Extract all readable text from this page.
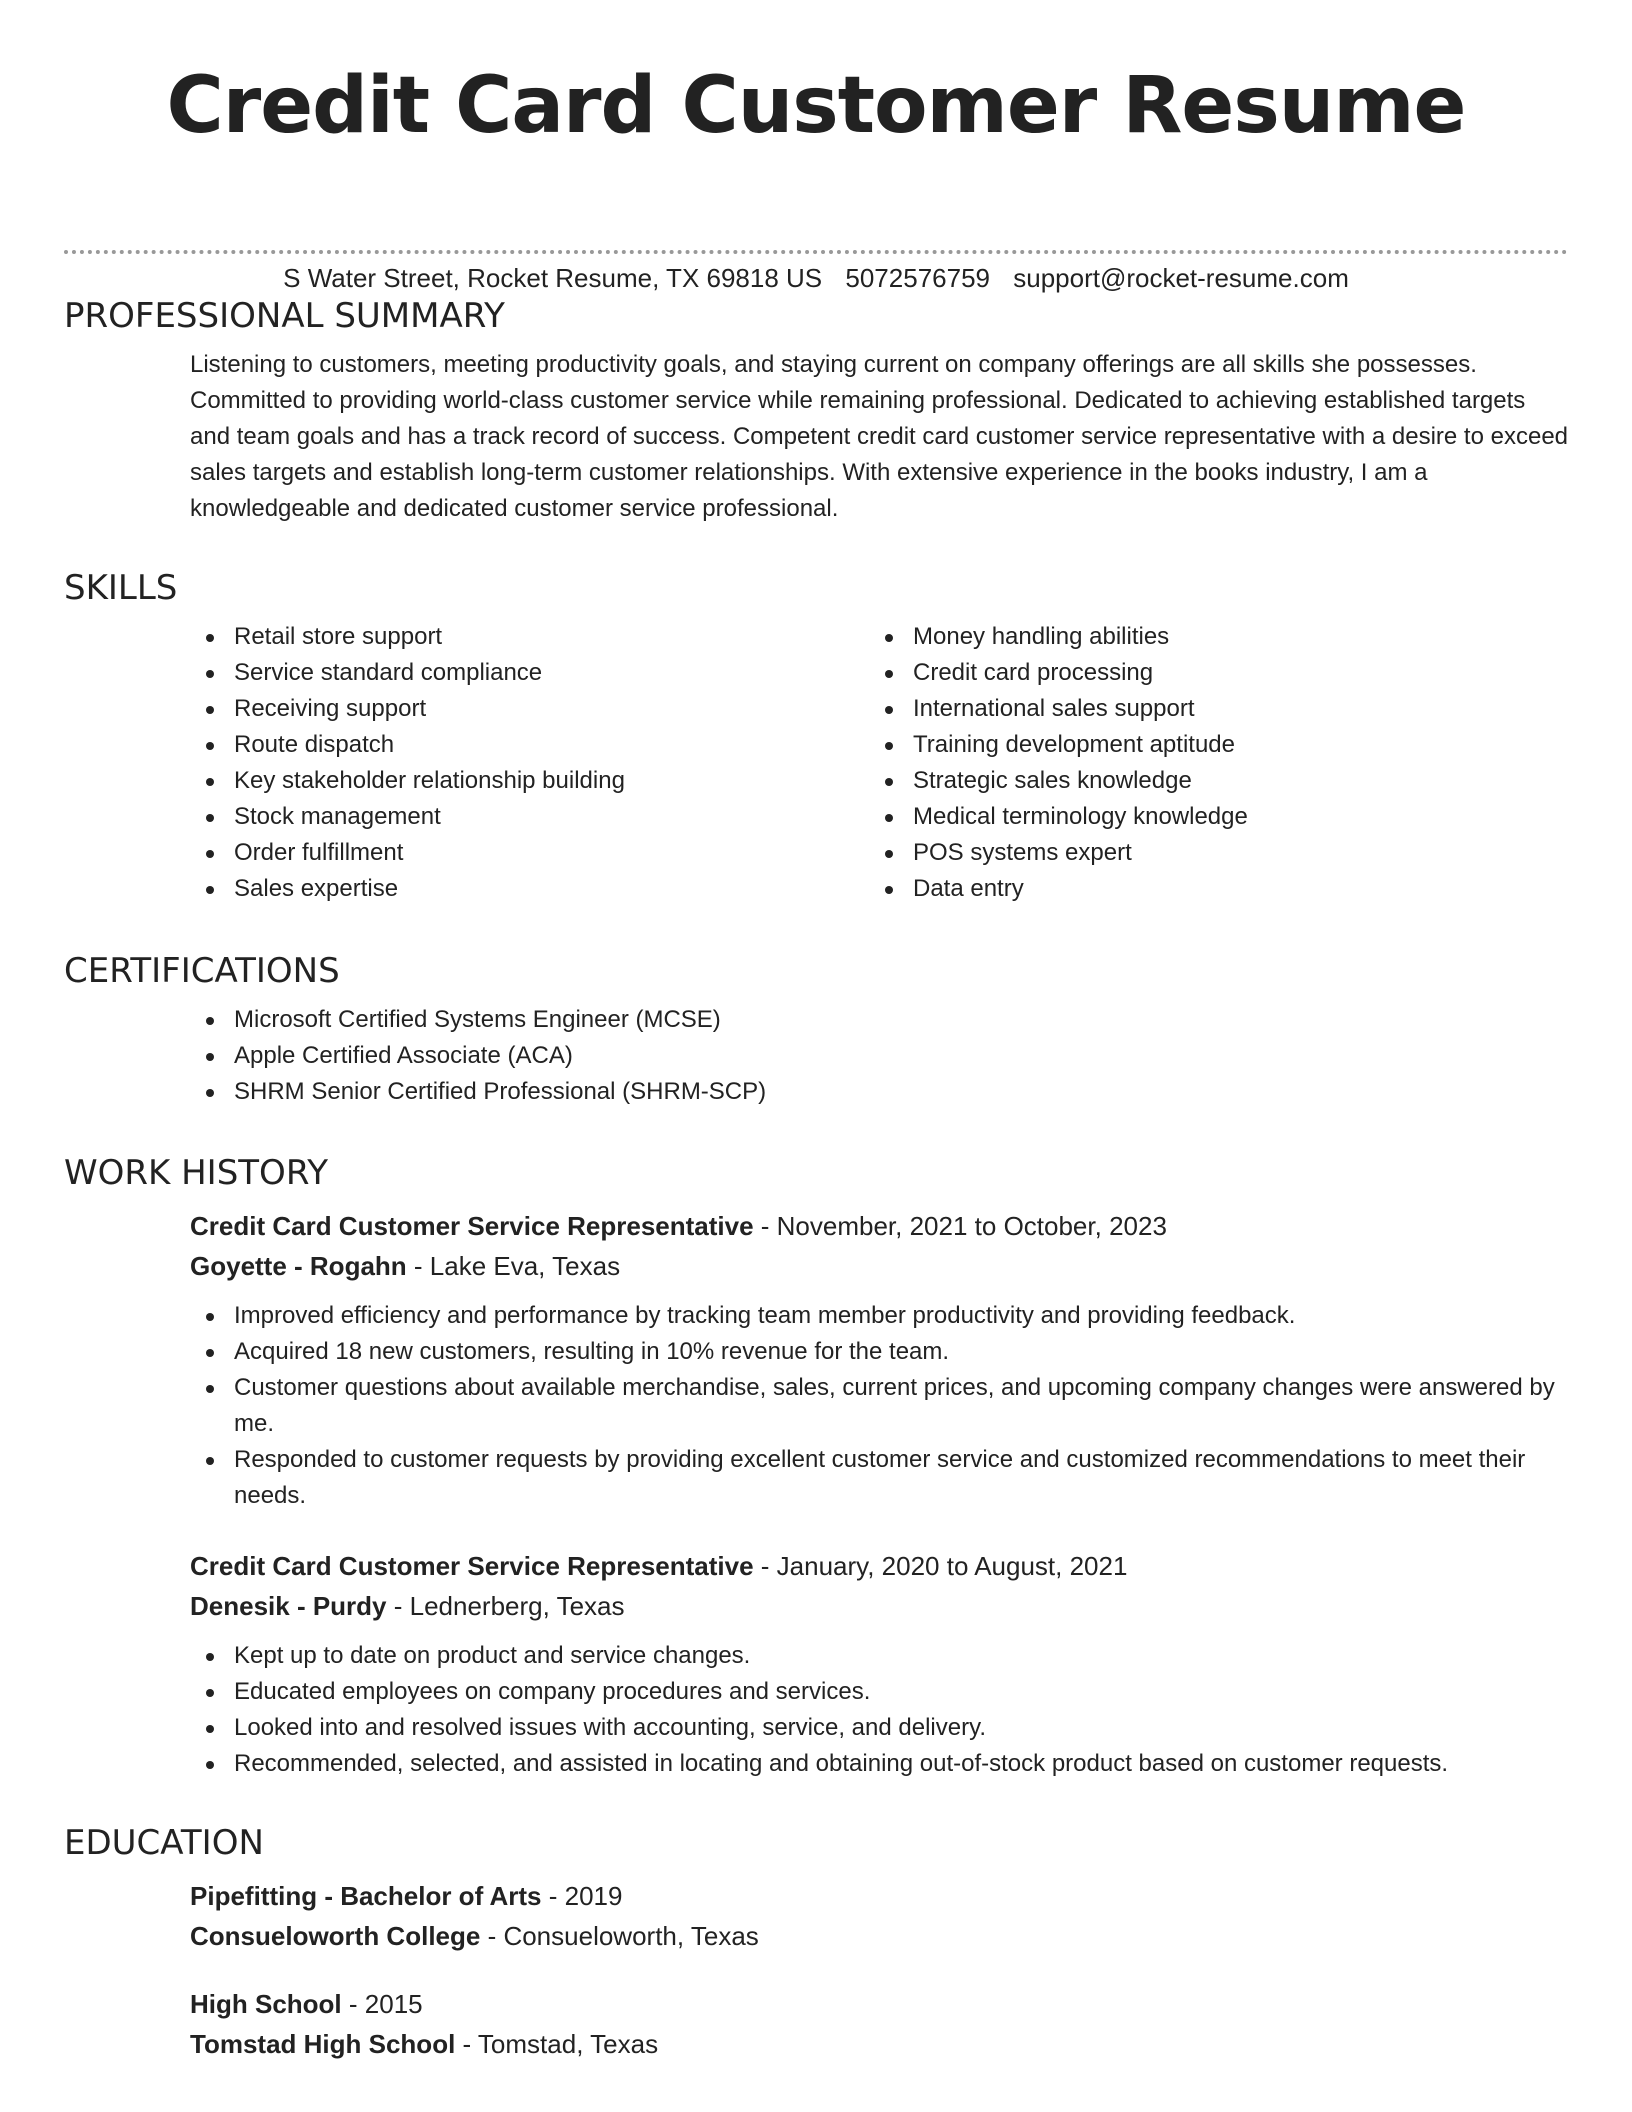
Credit Card Customer Resume
S Water Street, Rocket Resume, TX 69818 US 5072576759 support@rocket-resume.com
PROFESSIONAL SUMMARY

Listening to customers, meeting productivity goals, and staying current on company offerings are all skills she possesses. Committed to providing world-class customer service while remaining professional. Dedicated to achieving established targets and team goals and has a track record of success. Competent credit card customer service representative with a desire to exceed sales targets and establish long-term customer relationships. With extensive experience in the books industry, I am a knowledgeable and dedicated customer service professional.

SKILLS
Retail store support
Service standard compliance
Receiving support
Route dispatch
Key stakeholder relationship building
Stock management
Order fulfillment
Sales expertise
Money handling abilities
Credit card processing
International sales support
Training development aptitude
Strategic sales knowledge
Medical terminology knowledge
POS systems expert
Data entry
CERTIFICATIONS
Microsoft Certified Systems Engineer (MCSE)
Apple Certified Associate (ACA)
SHRM Senior Certified Professional (SHRM-SCP)
WORK HISTORY
Credit Card Customer Service Representative - November, 2021 to October, 2023
Goyette - Rogahn - Lake Eva, Texas
Improved efficiency and performance by tracking team member productivity and providing feedback.
Acquired 18 new customers, resulting in 10% revenue for the team.
Customer questions about available merchandise, sales, current prices, and upcoming company changes were answered by me.
Responded to customer requests by providing excellent customer service and customized recommendations to meet their needs.
Credit Card Customer Service Representative - January, 2020 to August, 2021
Denesik - Purdy - Lednerberg, Texas
Kept up to date on product and service changes.
Educated employees on company procedures and services.
Looked into and resolved issues with accounting, service, and delivery.
Recommended, selected, and assisted in locating and obtaining out-of-stock product based on customer requests.
EDUCATION
Pipefitting - Bachelor of Arts - 2019
Consueloworth College - Consueloworth, Texas
High School - 2015
Tomstad High School - Tomstad, Texas
